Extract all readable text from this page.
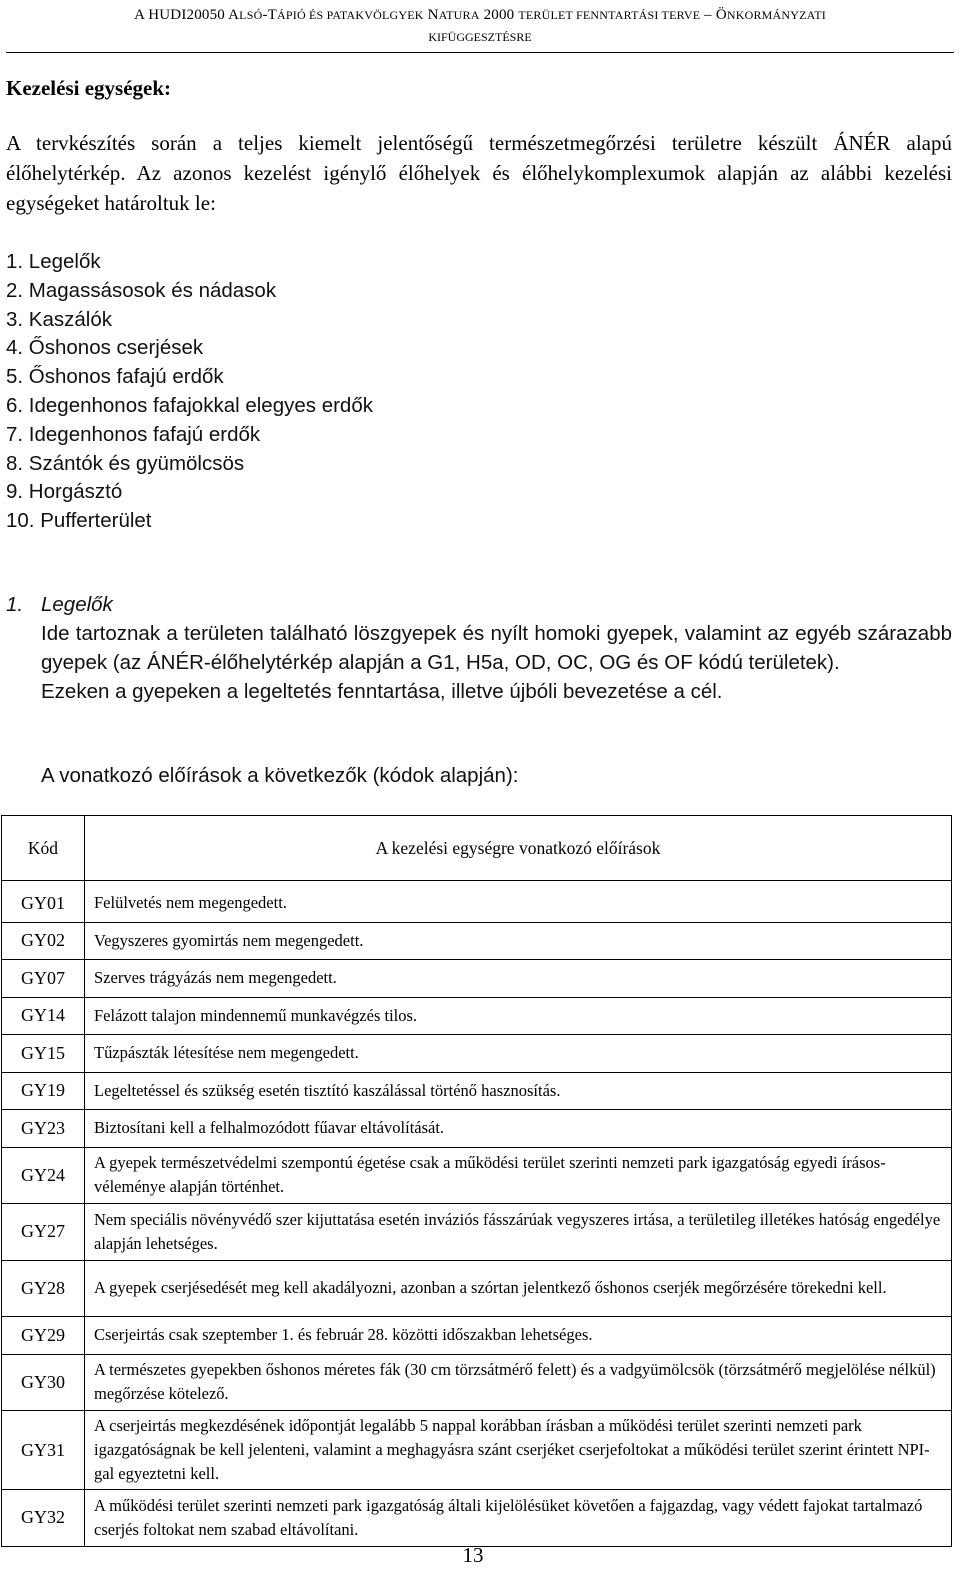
A HUDI20050 ALSÓ-TÁPIÓ ÉS PATAKVÖLGYEK NATURA 2000 TERÜLET FENNTARTÁSI TERVE – ÖNKORMÁNYZATI
KIFÜGGESZTÉSRE
Kezelési egységek:
A tervkészítés során a teljes kiemelt jelentőségű természetmegőrzési területre készült ÁNÉR alapú élőhelytérkép. Az azonos kezelést igénylő élőhelyek és élőhelykomplexumok alapján az alábbi kezelési egységeket határoltuk le:
1. Legelők
2. Magassásosok és nádasok
3. Kaszálók
4. Őshonos cserjések
5. Őshonos fafajú erdők
6. Idegenhonos fafajokkal elegyes erdők
7. Idegenhonos fafajú erdők
8. Szántók és gyümölcsös
9. Horgásztó
10. Pufferterület
1. Legelők
Ide tartoznak a területen található löszgyepek és nyílt homoki gyepek, valamint az egyéb szárazabb gyepek (az ÁNÉR-élőhelytérkép alapján a G1, H5a, OD, OC, OG és OF kódú területek).
Ezeken a gyepeken a legeltetés fenntartása, illetve újbóli bevezetése a cél.
A vonatkozó előírások a következők (kódok alapján):
Kód	A kezelési egységre vonatkozó előírások
GY01	Felülvetés nem megengedett.
GY02	Vegyszeres gyomirtás nem megengedett.
GY07	Szerves trágyázás nem megengedett.
GY14	Felázott talajon mindennemű munkavégzés tilos.
GY15	Tűzpászták létesítése nem megengedett.
GY19	Legeltetéssel és szükség esetén tisztító kaszálással történő hasznosítás.
GY23	Biztosítani kell a felhalmozódott fűavar eltávolítását.
GY24	A gyepek természetvédelmi szempontú égetése csak a működési terület szerinti nemzeti park igazgatóság egyedi írásos-véleménye alapján történhet.
GY27	Nem speciális növényvédő szer kijuttatása esetén inváziós fásszárúak vegyszeres irtása, a területileg illetékes hatóság engedélye alapján lehetséges.
GY28	A gyepek cserjésedését meg kell akadályozni, azonban a szórtan jelentkező őshonos cserjék megőrzésére törekedni kell.
GY29	Cserjeirtás csak szeptember 1. és február 28. közötti időszakban lehetséges.
GY30	A természetes gyepekben őshonos méretes fák (30 cm törzsátmérő felett) és a vadgyümölcsök (törzsátmérő megjelölése nélkül) megőrzése kötelező.
GY31	A cserjeirtás megkezdésének időpontját legalább 5 nappal korábban írásban a működési terület szerinti nemzeti park igazgatóságnak be kell jelenteni, valamint a meghagyásra szánt cserjéket cserjefoltokat a működési terület szerint érintett NPI-gal egyeztetni kell.
GY32	A működési terület szerinti nemzeti park igazgatóság általi kijelölésüket követően a fajgazdag, vagy védett fajokat tartalmazó cserjés foltokat nem szabad eltávolítani.
13
